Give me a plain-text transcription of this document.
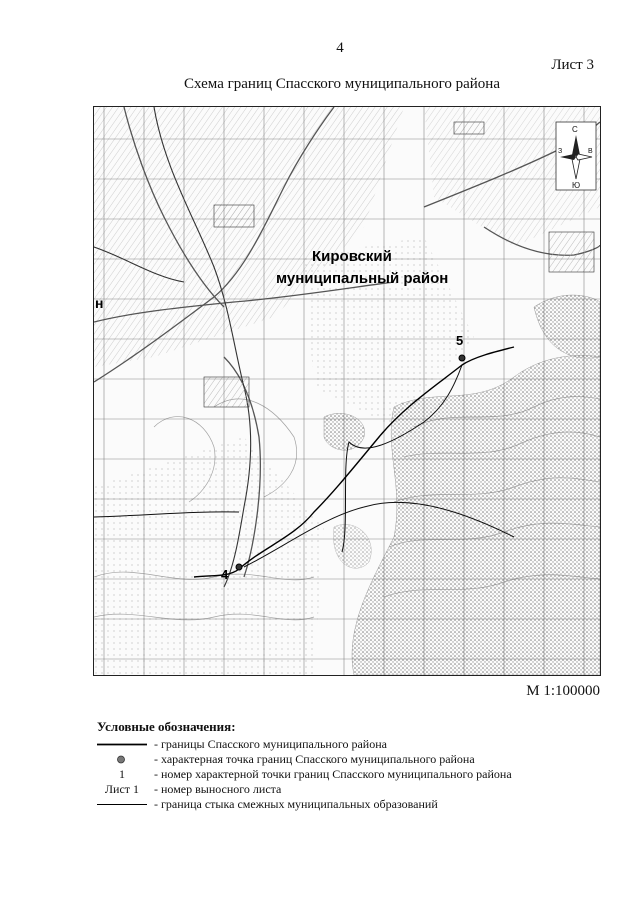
4
Лист 3
Схема границ Спасского муниципального района
5
4
Кировский
муниципальный район
н
С
Ю
З	В
М 1:100000
Условные обозначения:
- границы Спасского муниципального района
- характерная точка границ Спасского муниципального района
1	- номер характерной точки границ Спасского муниципального района
Лист 1	- номер выносного листа
- граница стыка смежных муниципальных образований
